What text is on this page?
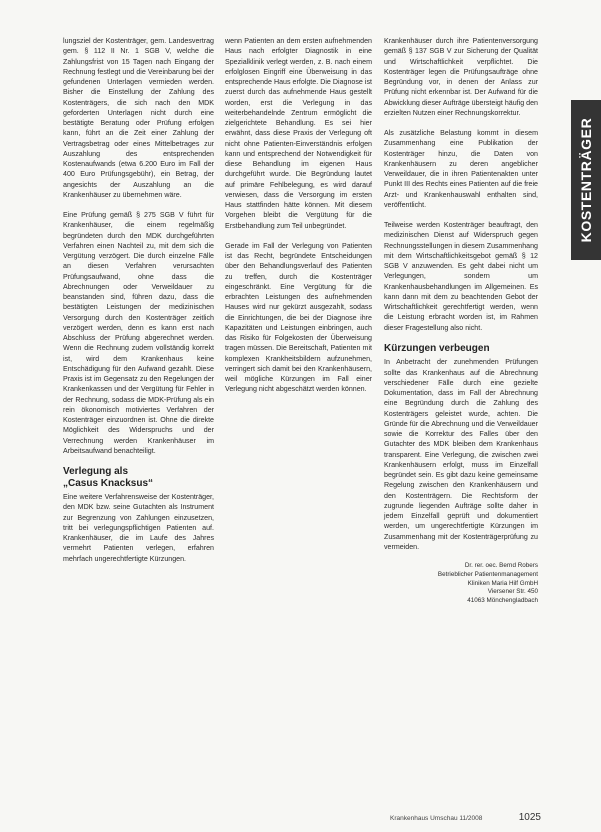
KOSTENTRÄGER

lungsziel der Kostenträger, gem. Landesvertrag gem. § 112 II Nr. 1 SGB V, welche die Zahlungsfrist von 15 Tagen nach Eingang der Rechnung festlegt und die Vereinbarung bei der gefundenen Unterlagen vermieden werden. Bisher die Einstellung der Zahlung des Kostenträgers, die sich nach den MDK geforderten Unterlagen nicht durch eine bestätigte Beratung oder Prüfung erfolgen kann, führt an die Zeit einer Zahlung der Vertragsbetrag oder eines Mittelbetrages zur Auszahlung des entsprechenden Kostenaufwands (etwa 6.200 Euro im Fall der 400 Euro Prüfungsgebühr), ein Betrag, der angesichts der Auszahlung an die Krankenhäuser zu übernehmen wäre.

Eine Prüfung gemäß § 275 SGB V führt für Krankenhäuser, die einem regelmäßig begründeten durch den MDK durchgeführten Verfahren einen Nachteil zu, mit dem sich die Vergütung verzögert. Die durch einzelne Fälle an diesen Verfahren verursachten Prüfungsaufwand, ohne dass die Abrechnungen oder Verweildauer zu beanstanden sind, führen dazu, dass die bestätigten Leistungen der medizinischen Versorgung durch den Kostenträger zeitlich verzögert werden, denn es kann erst nach Abschluss der Prüfung abgerechnet werden. Wenn die Rechnung zudem vollständig korrekt ist, wird dem Krankenhaus keine Entschädigung für den Aufwand gezahlt. Diese Praxis ist im Gegensatz zu den Regelungen der Krankenkassen und der Vergütung für Fehler in der Rechnung, sodass die MDK-Prüfung als ein rein ökonomisch motiviertes Verfahren der Kostenträger einzuordnen ist. Ohne die direkte Möglichkeit des Widerspruchs und der Verrechnung werden Krankenhäuser im Arbeitsaufwand benachteiligt.

Verlegung als
„Casus Knacksus“

Eine weitere Verfahrensweise der Kostenträger, den MDK bzw. seine Gutachten als Instrument zur Begrenzung von Zahlungen einzusetzen, tritt bei verlegungspflichtigen Patienten auf. Krankenhäuser, die im Laufe des Jahres vermehrt Patienten verlegen, erfahren mehrfach ungerechtfertigte Kürzungen.

wenn Patienten an dem ersten aufnehmenden Haus nach erfolgter Diagnostik in eine Spezialklinik verlegt werden, z. B. nach einem erfolglosen Eingriff eine Überweisung in das entsprechende Haus erfolgte. Die Diagnose ist zuerst durch das aufnehmende Haus gestellt worden, erst die Verlegung in das weiterbehandelnde Zentrum ermöglicht die zielgerichtete Behandlung. Es sei hier erwähnt, dass diese Praxis der Verlegung oft nicht ohne Patienten-Einverständnis erfolgen kann und entsprechend der Notwendigkeit für diese Behandlung im eigenen Haus durchgeführt wurde. Die Begründung lautet auf primäre Fehlbelegung, es wird darauf verwiesen, dass die Versorgung im ersten Haus stattfinden hätte können. Mit diesem Vorgehen bleibt die Vergütung für die Erstbehandlung zum Teil unbegründet.

Gerade im Fall der Verlegung von Patienten ist das Recht, begründete Entscheidungen über den Behandlungsverlauf des Patienten zu treffen, durch die Kostenträger eingeschränkt. Eine Vergütung für die erbrachten Leistungen des aufnehmenden Hauses wird nur gekürzt ausgezahlt, sodass die Einrichtungen, die bei der Diagnose ihre Kapazitäten und Leistungen einbringen, auch das Risiko für Folgekosten der Überweisung tragen müssen. Die Bereitschaft, Patienten mit komplexen Krankheitsbildern aufzunehmen, verringert sich damit bei den Krankenhäusern, weil mögliche Kürzungen im Fall einer Verlegung nicht abgeschätzt werden können.

Krankenhäuser durch ihre Patientenversorgung gemäß § 137 SGB V zur Sicherung der Qualität und Wirtschaftlichkeit verpflichtet. Die Kostenträger legen die Prüfungsaufträge ohne Begründung vor, in denen der Anlass zur Prüfung nicht erkennbar ist. Der Aufwand für die Abwicklung dieser Aufträge übersteigt häufig den erzielten Nutzen einer Rechnungskorrektur.

Als zusätzliche Belastung kommt in diesem Zusammenhang eine Publikation der Kostenträger hinzu, die Daten von Krankenhäusern zu deren angeblicher Verweildauer, die in ihren Patientenakten unter Punkt III des Rechts eines Patienten auf die freie Arzt- und Krankenhauswahl enthalten sind, veröffentlicht.

Teilweise werden Kostenträger beauftragt, den medizinischen Dienst auf Widerspruch gegen Rechnungsstellungen in diesem Zusammenhang mit dem Wirtschaftlichkeitsgebot gemäß § 12 SGB V anzuwenden. Es geht dabei nicht um Verlegungen, sondern um Krankenhausbehandlungen im Allgemeinen. Es kann dann mit dem zu beachtenden Gebot der Wirtschaftlichkeit gerechtfertigt werden, wenn die Leistung erbracht worden ist, im Rahmen dieser Fragestellung also nicht.

Kürzungen verbeugen

In Anbetracht der zunehmenden Prüfungen sollte das Krankenhaus auf die Abrechnung verschiedener Fälle durch eine gezielte Dokumentation, dass im Fall der Abrechnung eine Begründung durch die Zahlung des Kostenträgers geleistet wurde, achten. Die Gründe für die Abrechnung und die Verweildauer sowie die Korrektur des Falles über den Gutachter des MDK bleiben dem Krankenhaus transparent. Eine Verlegung, die zwischen zwei Krankenhäusern erfolgt, muss im Einzelfall begründet sein. Es gibt dazu keine gemeinsame Regelung zwischen den Krankenhäusern und den Kostenträgern. Die Rechtsform der zugrunde liegenden Aufträge sollte daher in jedem Einzelfall geprüft und dokumentiert werden, um ungerechtfertigte Kürzungen im Zusammenhang mit der Kostenträgerprüfung zu vermeiden.

Dr. rer. oec. Bernd Robers
Betrieblicher Patientenmanagement
Kliniken Maria Hilf GmbH
Viersener Str. 450
41063 Mönchengladbach
Krankenhaus Umschau 11/2008	1025
